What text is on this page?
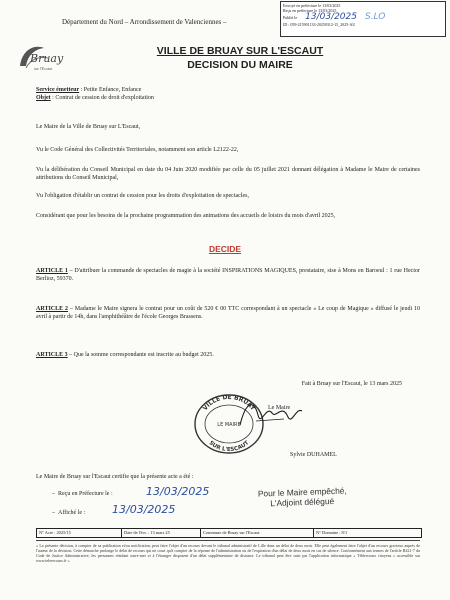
Département du Nord – Arrondissement de Valenciennes –
Envoyé en préfecture le 13/03/2025
Reçu en préfecture le 13/03/2025
Publié le 13/03/2025 S.LO
ID : 059-215901133-20250312-15_2025-AU
Bruay
sur l'Escaut
VILLE DE BRUAY SUR L'ESCAUT
DECISION DU MAIRE
Service émetteur : Petite Enfance, Enfance
Objet : Contrat de cession de droit d'exploitation
Le Maire de la Ville de Bruay sur L'Escaut,
Vu le Code Général des Collectivités Territoriales, notamment son article L2122-22,
Vu la délibération du Conseil Municipal en date du 04 Juin 2020 modifiée par celle du 05 juillet 2021 donnant délégation à Madame le Maire de certaines attributions du Conseil Municipal,
Vu l'obligation d'établir un contrat de cession pour les droits d'exploitation de spectacles,
Considérant que pour les besoins de la prochaine programmation des animations des accueils de loisirs du mois d'avril 2025,
DECIDE
ARTICLE 1 – D'attribuer la commande de spectacles de magie à la société INSPIRATIONS MAGIQUES, prestataire, sise à Mons en Baroeul : 1 rue Hector Berlioz, 59370.
ARTICLE 2 – Madame le Maire signera le contrat pour un coût de 520 € 00 TTC correspondant à un spectacle « Le coup de Magique » diffusé le jeudi 10 avril à partir de 14h, dans l'amphithéâtre de l'école Georges Brassens.
ARTICLE 3 – Que la somme correspondante est inscrite au budget 2025.
Fait à Bruay sur l'Escaut, le 13 mars 2025
VILLE DE BRUAY
SUR L'ESCAUT
LE MAIRE
Le Maire
Sylvie DUHAMEL
Le Maire de Bruay sur l'Escaut certifie que la présente acte a été :
– Reçu en Préfecture le :	13/03/2025
– Affiché le :	13/03/2025
Pour le Maire empêché,
L'Adjoint délégué
N° Acte : 2025/15	Date de l'écr. : 13 mars 25	Commune de Bruay sur l'Escaut	N° Domaine : 8/1
« La présente décision, à compter de sa publication et/ou notification, peut faire l'objet d'un recours devant le tribunal administratif de Lille dans un délai de deux mois. Elle peut également faire l'objet d'un recours gracieux auprès de l'auteur de la décision. Cette démarche prolonge le délai de recours qui ne court qu'à compter de la réponse de l'administration ou de l'expiration d'un délai de deux mois en cas de silence. Conformément aux termes de l'article R421-7 du Code de Justice Administrative, les personnes résidant outre-mer et à l'étranger disposent d'un délai supplémentaire de distance. Le tribunal peut être saisi par l'application informatique « Télérecours citoyens » accessible sur www.telerecours.fr »
